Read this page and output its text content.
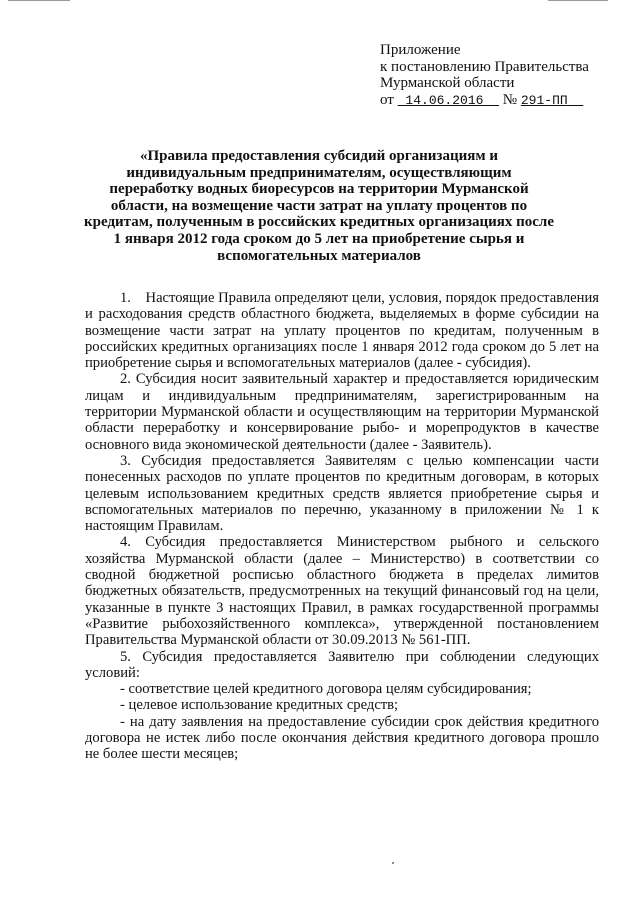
Приложение
к постановлению Правительства
Мурманской области
от 14.06.2016 № 291-ПП
«Правила предоставления субсидий организациям и индивидуальным предпринимателям, осуществляющим переработку водных биоресурсов на территории Мурманской области, на возмещение части затрат на уплату процентов по кредитам, полученным в российских кредитных организациях после 1 января 2012 года сроком до 5 лет на приобретение сырья и вспомогательных материалов

1. Настоящие Правила определяют цели, условия, порядок предоставления и расходования средств областного бюджета, выделяемых в форме субсидии на возмещение части затрат на уплату процентов по кредитам, полученным в российских кредитных организациях после 1 января 2012 года сроком до 5 лет на приобретение сырья и вспомогательных материалов (далее - субсидия).

2. Субсидия носит заявительный характер и предоставляется юридическим лицам и индивидуальным предпринимателям, зарегистрированным на территории Мурманской области и осуществляющим на территории Мурманской области переработку и консервирование рыбо- и морепродуктов в качестве основного вида экономической деятельности (далее - Заявитель).

3. Субсидия предоставляется Заявителям с целью компенсации части понесенных расходов по уплате процентов по кредитным договорам, в которых целевым использованием кредитных средств является приобретение сырья и вспомогательных материалов по перечню, указанному в приложении № 1 к настоящим Правилам.

4. Субсидия предоставляется Министерством рыбного и сельского хозяйства Мурманской области (далее – Министерство) в соответствии со сводной бюджетной росписью областного бюджета в пределах лимитов бюджетных обязательств, предусмотренных на текущий финансовый год на цели, указанные в пункте 3 настоящих Правил, в рамках государственной программы «Развитие рыбохозяйственного комплекса», утвержденной постановлением Правительства Мурманской области от 30.09.2013 № 561-ПП.

5. Субсидия предоставляется Заявителю при соблюдении следующих условий:

- соответствие целей кредитного договора целям субсидирования;

- целевое использование кредитных средств;

- на дату заявления на предоставление субсидии срок действия кредитного договора не истек либо после окончания действия кредитного договора прошло не более шести месяцев;
